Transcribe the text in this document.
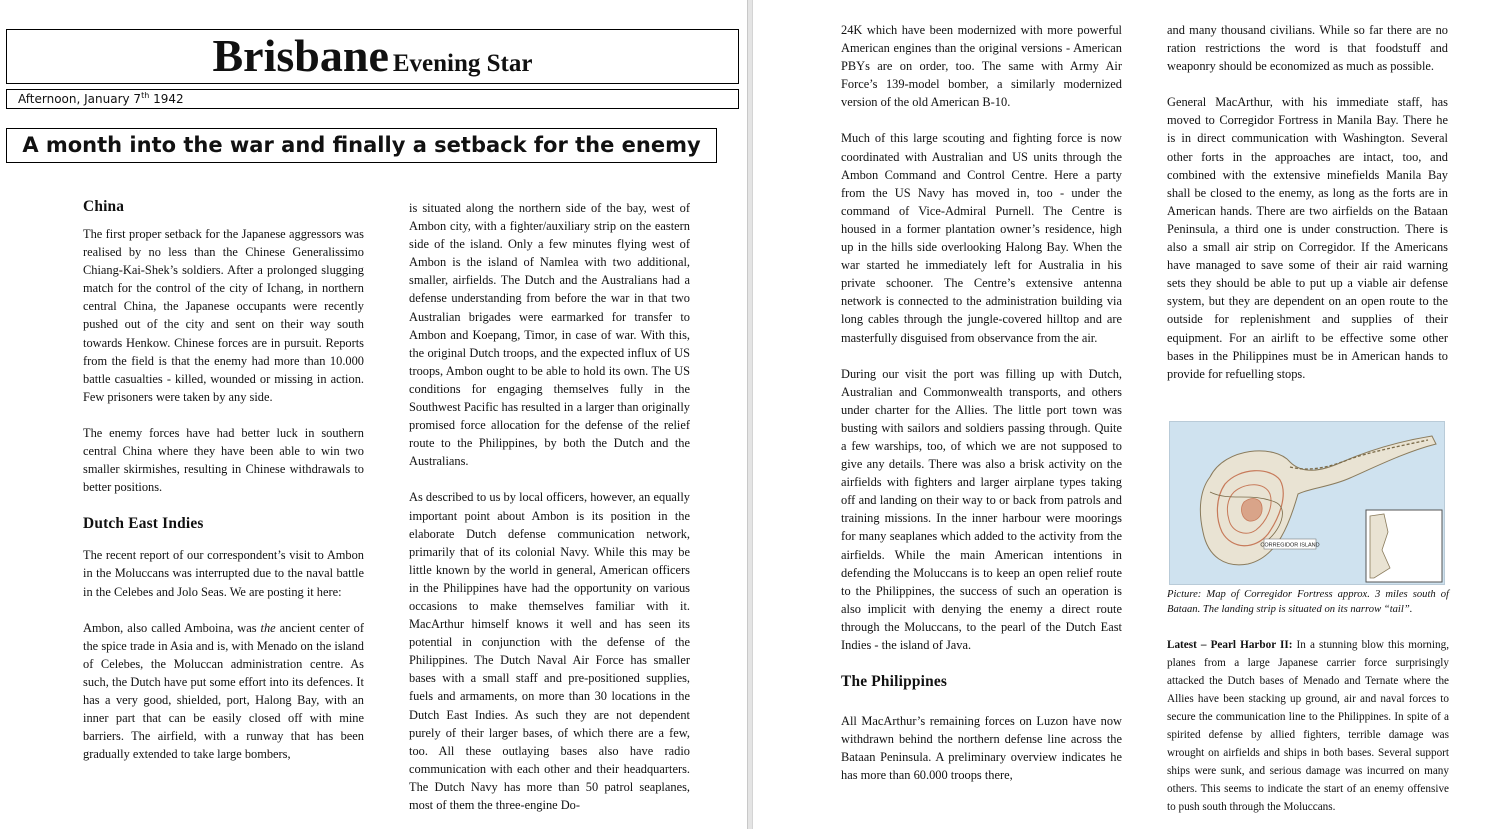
Brisbane Evening Star
Afternoon, January 7th 1942
A month into the war and finally a setback for the enemy
China

The first proper setback for the Japanese aggressors was realised by no less than the Chinese Generalissimo Chiang-Kai-Shek’s soldiers. After a prolonged slugging match for the control of the city of Ichang, in northern central China, the Japanese occupants were recently pushed out of the city and sent on their way south towards Henkow. Chinese forces are in pursuit. Reports from the field is that the enemy had more than 10.000 battle casualties - killed, wounded or missing in action. Few prisoners were taken by any side.

The enemy forces have had better luck in southern central China where they have been able to win two smaller skirmishes, resulting in Chinese withdrawals to better positions.

Dutch East Indies

The recent report of our correspondent’s visit to Ambon in the Moluccans was interrupted due to the naval battle in the Celebes and Jolo Seas. We are posting it here:

Ambon, also called Amboina, was the ancient center of the spice trade in Asia and is, with Menado on the island of Celebes, the Moluccan administration centre. As such, the Dutch have put some effort into its defences. It has a very good, shielded, port, Halong Bay, with an inner part that can be easily closed off with mine barriers. The airfield, with a runway that has been gradually extended to take large bombers,

is situated along the northern side of the bay, west of Ambon city, with a fighter/auxiliary strip on the eastern side of the island. Only a few minutes flying west of Ambon is the island of Namlea with two additional, smaller, airfields. The Dutch and the Australians had a defense understanding from before the war in that two Australian brigades were earmarked for transfer to Ambon and Koepang, Timor, in case of war. With this, the original Dutch troops, and the expected influx of US troops, Ambon ought to be able to hold its own. The US conditions for engaging themselves fully in the Southwest Pacific has resulted in a larger than originally promised force allocation for the defense of the relief route to the Philippines, by both the Dutch and the Australians.

As described to us by local officers, however, an equally important point about Ambon is its position in the elaborate Dutch defense communication network, primarily that of its colonial Navy. While this may be little known by the world in general, American officers in the Philippines have had the opportunity on various occasions to make themselves familiar with it. MacArthur himself knows it well and has seen its potential in conjunction with the defense of the Philippines. The Dutch Naval Air Force has smaller bases with a small staff and pre-positioned supplies, fuels and armaments, on more than 30 locations in the Dutch East Indies. As such they are not dependent purely of their larger bases, of which there are a few, too. All these outlaying bases also have radio communication with each other and their headquarters. The Dutch Navy has more than 50 patrol seaplanes, most of them the three-engine Do-

24K which have been modernized with more powerful American engines than the original versions - American PBYs are on order, too. The same with Army Air Force’s 139-model bomber, a similarly modernized version of the old American B-10.

Much of this large scouting and fighting force is now coordinated with Australian and US units through the Ambon Command and Control Centre. Here a party from the US Navy has moved in, too - under the command of Vice-Admiral Purnell. The Centre is housed in a former plantation owner’s residence, high up in the hills side overlooking Halong Bay. When the war started he immediately left for Australia in his private schooner. The Centre’s extensive antenna network is connected to the administration building via long cables through the jungle-covered hilltop and are masterfully disguised from observance from the air.

During our visit the port was filling up with Dutch, Australian and Commonwealth transports, and others under charter for the Allies. The little port town was busting with sailors and soldiers passing through. Quite a few warships, too, of which we are not supposed to give any details. There was also a brisk activity on the airfields with fighters and larger airplane types taking off and landing on their way to or back from patrols and training missions. In the inner harbour were moorings for many seaplanes which added to the activity from the airfields. While the main American intentions in defending the Moluccans is to keep an open relief route to the Philippines, the success of such an operation is also implicit with denying the enemy a direct route through the Moluccans, to the pearl of the Dutch East Indies - the island of Java.

The Philippines

All MacArthur’s remaining forces on Luzon have now withdrawn behind the northern defense line across the Bataan Peninsula. A preliminary overview indicates he has more than 60.000 troops there,

and many thousand civilians. While so far there are no ration restrictions the word is that foodstuff and weaponry should be economized as much as possible.

General MacArthur, with his immediate staff, has moved to Corregidor Fortress in Manila Bay. There he is in direct communication with Washington. Several other forts in the approaches are intact, too, and combined with the extensive minefields Manila Bay shall be closed to the enemy, as long as the forts are in American hands. There are two airfields on the Bataan Peninsula, a third one is under construction. There is also a small air strip on Corregidor. If the Americans have managed to save some of their air raid warning sets they should be able to put up a viable air defense system, but they are dependent on an open route to the outside for replenishment and supplies of their equipment. For an airlift to be effective some other bases in the Philippines must be in American hands to provide for refuelling stops.

CORREGIDOR ISLAND
Picture: Map of Corregidor Fortress approx. 3 miles south of Bataan. The landing strip is situated on its narrow “tail”.
Latest – Pearl Harbor II: In a stunning blow this morning, planes from a large Japanese carrier force surprisingly attacked the Dutch bases of Menado and Ternate where the Allies have been stacking up ground, air and naval forces to secure the communication line to the Philippines. In spite of a spirited defense by allied fighters, terrible damage was wrought on airfields and ships in both bases. Several support ships were sunk, and serious damage was incurred on many others. This seems to indicate the start of an enemy offensive to push south through the Moluccans.
